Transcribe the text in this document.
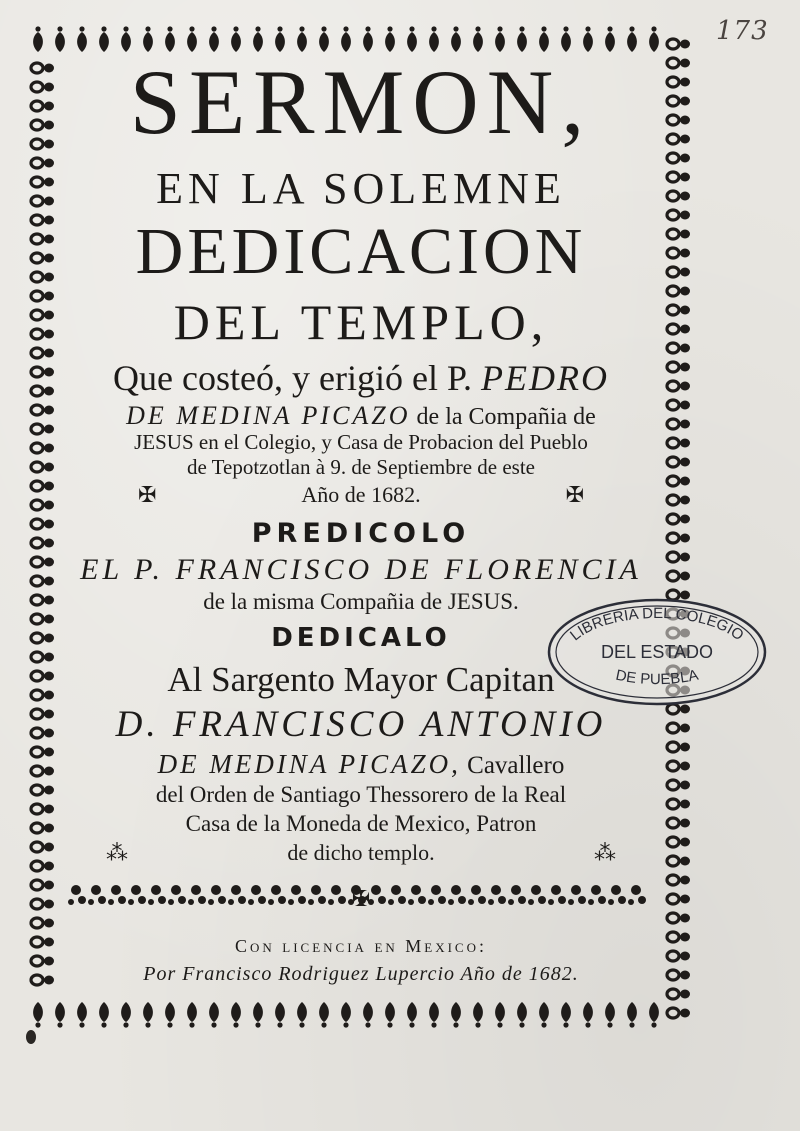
173
SERMON,
EN LA SOLEMNE
DEDICACION
DEL TEMPLO,
Que costeó, y erigió el P. PEDRO
DE MEDINA PICAZO de la Compañia de
JESUS en el Colegio, y Casa de Probacion del Pueblo
de Tepotzotlan à 9. de Septiembre de este
✠	Año de 1682.	✠
PREDICOLO
EL P. FRANCISCO DE FLORENCIA
de la misma Compañia de JESUS.
DEDICALO
Al Sargento Mayor Capitan
D. FRANCISCO ANTONIO
DE MEDINA PICAZO, Cavallero
del Orden de Santiago Thessorero de la Real
Casa de la Moneda de Mexico, Patron
⁂	de dicho templo.	⁂
✠
Con licencia en Mexico:
Por Francisco Rodriguez Lupercio Año de 1682.
LIBRERIA DEL COLEGIO
DEL ESTADO
DE PUEBLA
